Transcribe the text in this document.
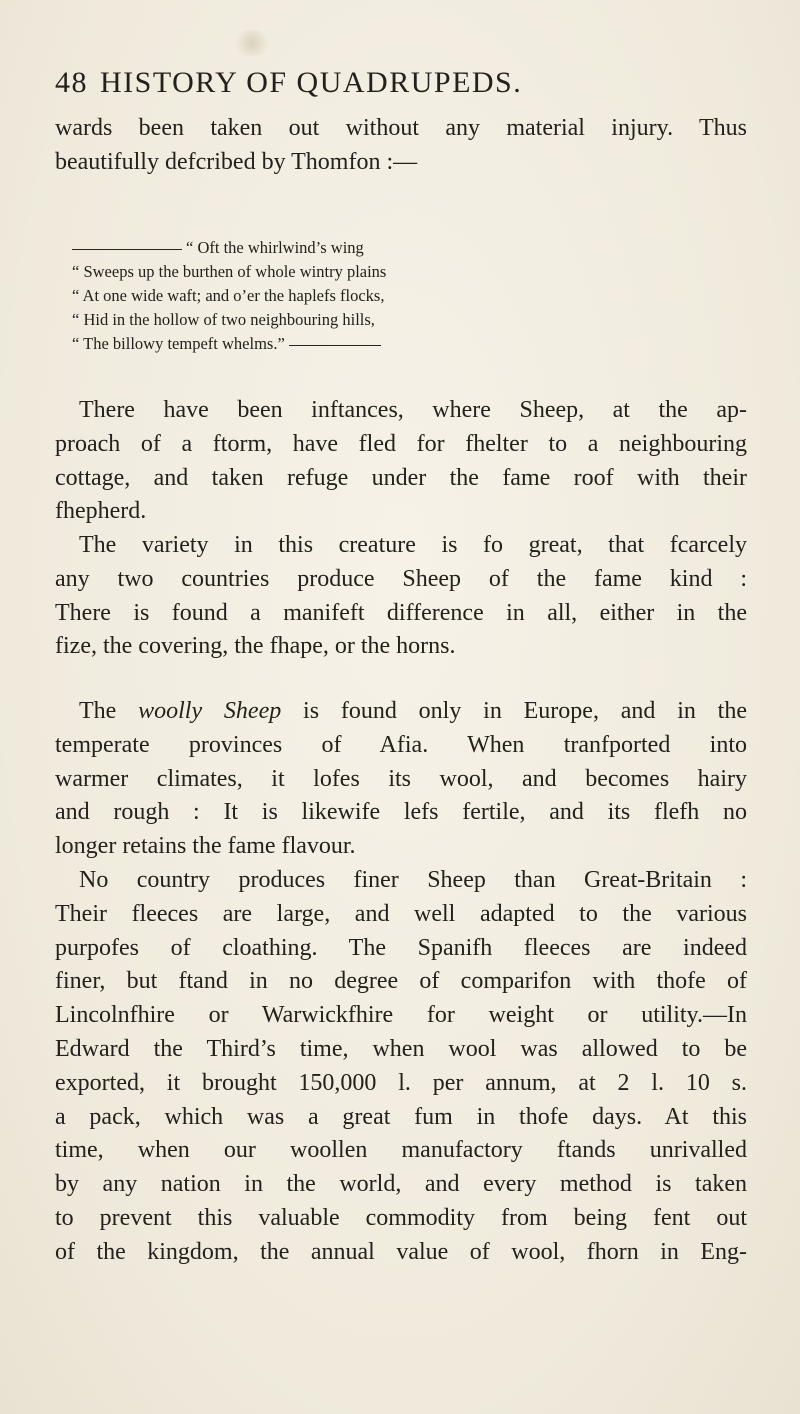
48 HISTORY OF QUADRUPEDS.

wards been taken out without any material injury. Thus
beautifully defcribed by Thomfon :—

“ Oft the whirlwind’s wing
“ Sweeps up the burthen of whole wintry plains
“ At one wide waft; and o’er the haplefs flocks,
“ Hid in the hollow of two neighbouring hills,
“ The billowy tempeft whelms.”

There have been inftances, where Sheep, at the ap-
proach of a ftorm, have fled for fhelter to a neighbouring
cottage, and taken refuge under the fame roof with their
fhepherd.

The variety in this creature is fo great, that fcarcely
any two countries produce Sheep of the fame kind :
There is found a manifeft difference in all, either in the
fize, the covering, the fhape, or the horns.

The woolly Sheep is found only in Europe, and in the
temperate provinces of Afia. When tranfported into
warmer climates, it lofes its wool, and becomes hairy
and rough : It is likewife lefs fertile, and its flefh no
longer retains the fame flavour.

No country produces finer Sheep than Great-Britain :
Their fleeces are large, and well adapted to the various
purpofes of cloathing. The Spanifh fleeces are indeed
finer, but ftand in no degree of comparifon with thofe of
Lincolnfhire or Warwickfhire for weight or utility.—In
Edward the Third’s time, when wool was allowed to be
exported, it brought 150,000 l. per annum, at 2 l. 10 s.
a pack, which was a great fum in thofe days. At this
time, when our woollen manufactory ftands unrivalled
by any nation in the world, and every method is taken
to prevent this valuable commodity from being fent out
of the kingdom, the annual value of wool, fhorn in Eng-
